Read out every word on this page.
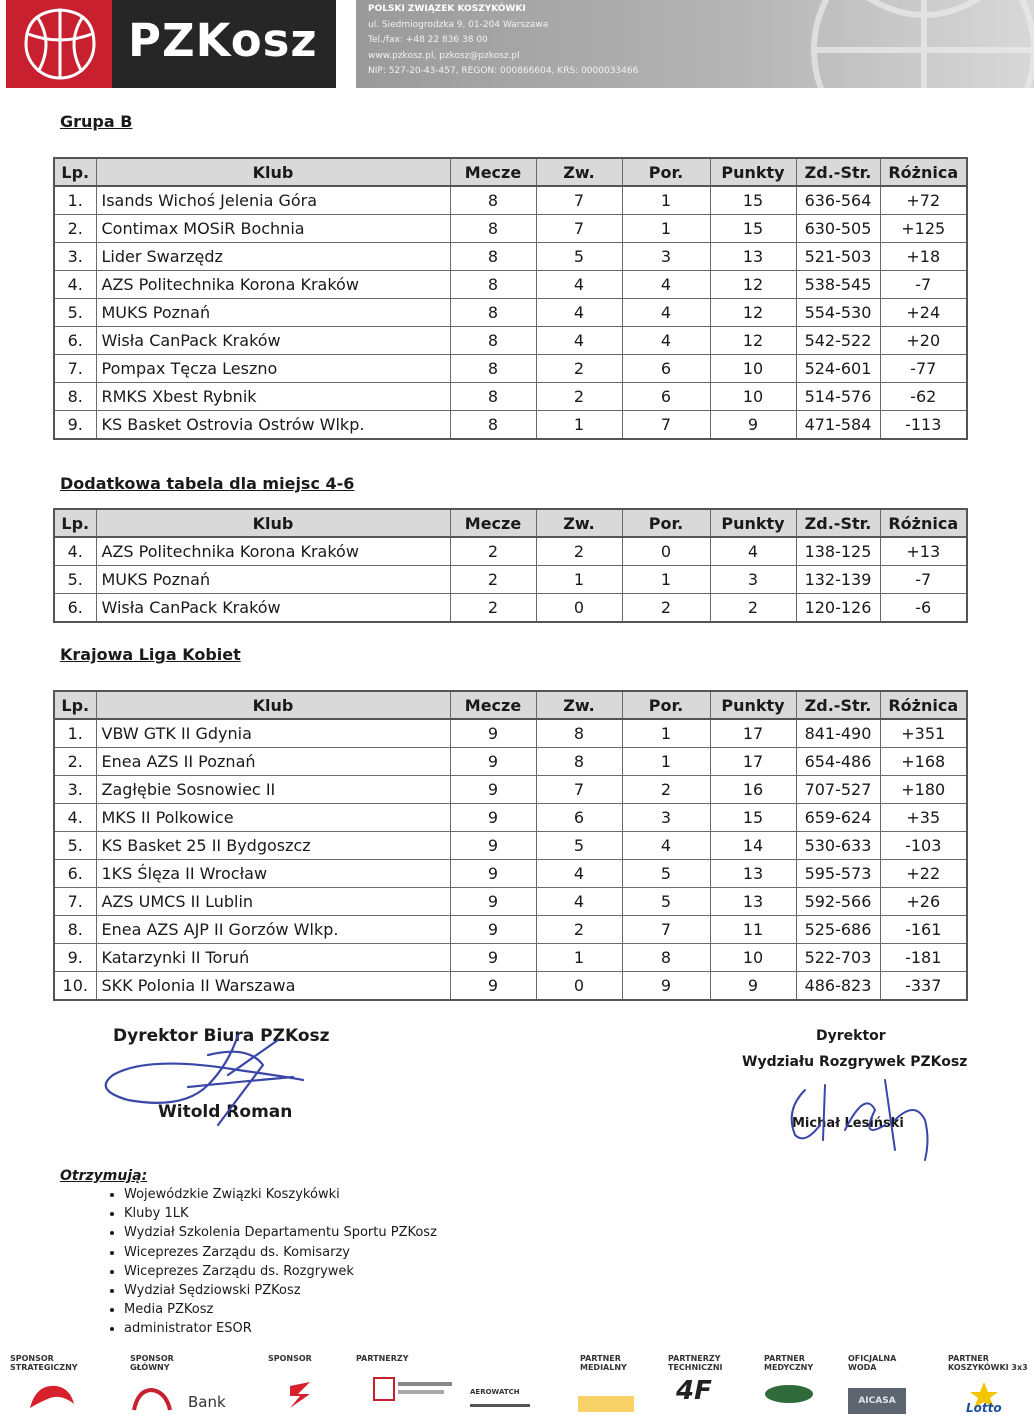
PZKosz
POLSKI ZWIĄZEK KOSZYKÓWKI
ul. Siedmiogrodzka 9, 01-204 Warszawa
Tel./fax: +48 22 836 38 00
www.pzkosz.pl, pzkosz@pzkosz.pl
NIP: 527-20-43-457, REGON: 000866604, KRS: 0000033466
Grupa B
Lp.	Klub	Mecze	Zw.	Por.	Punkty	Zd.-Str.	Różnica
1.	Isands Wichoś Jelenia Góra	8	7	1	15	636-564	+72
2.	Contimax MOSiR Bochnia	8	7	1	15	630-505	+125
3.	Lider Swarzędz	8	5	3	13	521-503	+18
4.	AZS Politechnika Korona Kraków	8	4	4	12	538-545	-7
5.	MUKS Poznań	8	4	4	12	554-530	+24
6.	Wisła CanPack Kraków	8	4	4	12	542-522	+20
7.	Pompax Tęcza Leszno	8	2	6	10	524-601	-77
8.	RMKS Xbest Rybnik	8	2	6	10	514-576	-62
9.	KS Basket Ostrovia Ostrów Wlkp.	8	1	7	9	471-584	-113
Dodatkowa tabela dla miejsc 4-6
Lp.	Klub	Mecze	Zw.	Por.	Punkty	Zd.-Str.	Różnica
4.	AZS Politechnika Korona Kraków	2	2	0	4	138-125	+13
5.	MUKS Poznań	2	1	1	3	132-139	-7
6.	Wisła CanPack Kraków	2	0	2	2	120-126	-6
Krajowa Liga Kobiet
Lp.	Klub	Mecze	Zw.	Por.	Punkty	Zd.-Str.	Różnica
1.	VBW GTK II Gdynia	9	8	1	17	841-490	+351
2.	Enea AZS II Poznań	9	8	1	17	654-486	+168
3.	Zagłębie Sosnowiec II	9	7	2	16	707-527	+180
4.	MKS II Polkowice	9	6	3	15	659-624	+35
5.	KS Basket 25 II Bydgoszcz	9	5	4	14	530-633	-103
6.	1KS Ślęza II Wrocław	9	4	5	13	595-573	+22
7.	AZS UMCS II Lublin	9	4	5	13	592-566	+26
8.	Enea AZS AJP II Gorzów Wlkp.	9	2	7	11	525-686	-161
9.	Katarzynki II Toruń	9	1	8	10	522-703	-181
10.	SKK Polonia II Warszawa	9	0	9	9	486-823	-337
Dyrektor Biura PZKosz
Witold Roman
Dyrektor
Wydziału Rozgrywek PZKosz
Michał Lesiński
Otrzymują:
• Wojewódzkie Związki Koszykówki
• Kluby 1LK
• Wydział Szkolenia Departamentu Sportu PZKosz
• Wiceprezes Zarządu ds. Komisarzy
• Wiceprezes Zarządu ds. Rozgrywek
• Wydział Sędziowski PZKosz
• Media PZKosz
• administrator ESOR
SPONSOR
STRATEGICZNY
SPONSOR
GŁÓWNY
Bank
SPONSOR	PARTNERZY
AEROWATCH
PARTNER
MEDIALNY
PARTNERZY
TECHNICZNI
4F
PARTNER
MEDYCZNY
OFICJALNA
WODA
AICASA
PARTNER
KOSZYKÓWKI 3x3
Lotto
